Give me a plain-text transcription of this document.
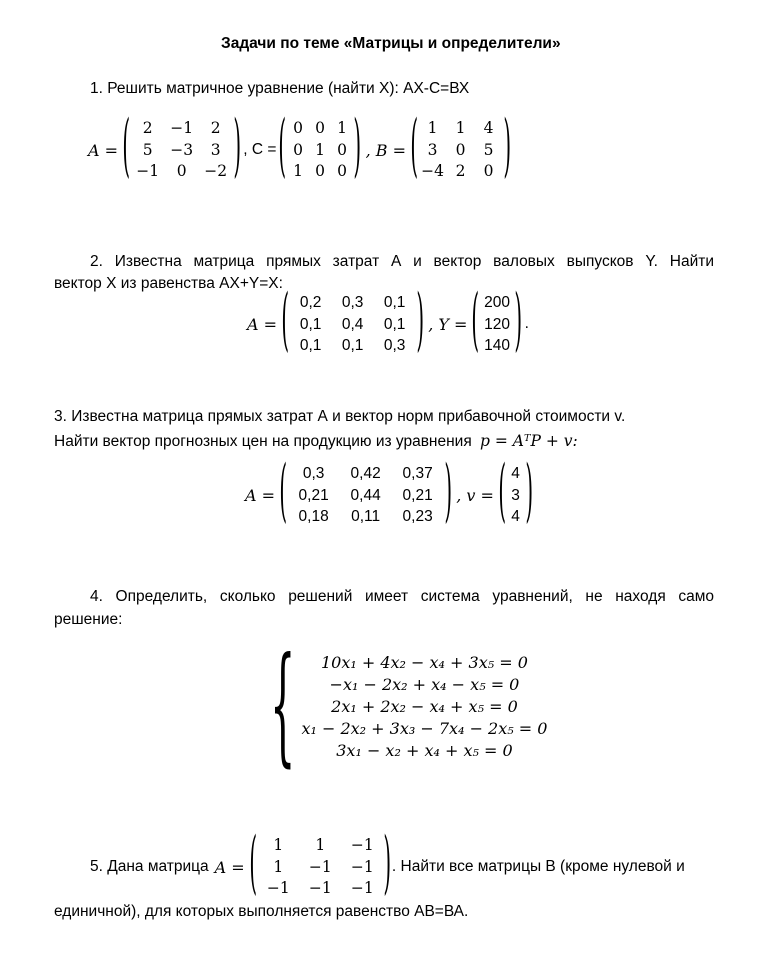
Задачи по теме «Матрицы и определители»
1. Решить матричное уравнение (найти X): АХ-С=ВХ
A = ( 2	−1	2
5	−3	3
−1	0	−2 ) , С = ( 0 0 1
0 1 0
1 0 0 ) , B = ( 1	1	4
3	0	5
−4 2	0 )
2. Известна матрица прямых затрат А и вектор валовых выпусков Y. Найти
вектор X из равенства АХ+Y=Х:
A = ( 0,2	0,3	0,1
0,1	0,4	0,1
0,1	0,1	0,3 ) , Y = ( 200
120
140 ) .
3. Известна матрица прямых затрат А и вектор норм прибавочной стоимости v.
Найти вектор прогнозных цен на продукцию из уравнения p = AᵀP + v:
A = (	0,3	0,42	0,37
0,21	0,44	0,21
0,18	0,11	0,23 ) , v = ( 4
3
4 )
4. Определить, сколько решений имеет система уравнений, не находя само
решение:
{ 10x₁ + 4x₂ − x₄ + 3x₅ = 0
−x₁ − 2x₂ + x₄ − x₅ = 0
2x₁ + 2x₂ − x₄ + x₅ = 0
x₁ − 2x₂ + 3x₃ − 7x₄ − 2x₅ = 0
3x₁ − x₂ + x₄ + x₅ = 0
5. Дана матрица A = (	1	1	−1
1	−1	−1
−1	−1	−1 ) . Найти все матрицы B (кроме нулевой и
единичной), для которых выполняется равенство АВ=ВА.
